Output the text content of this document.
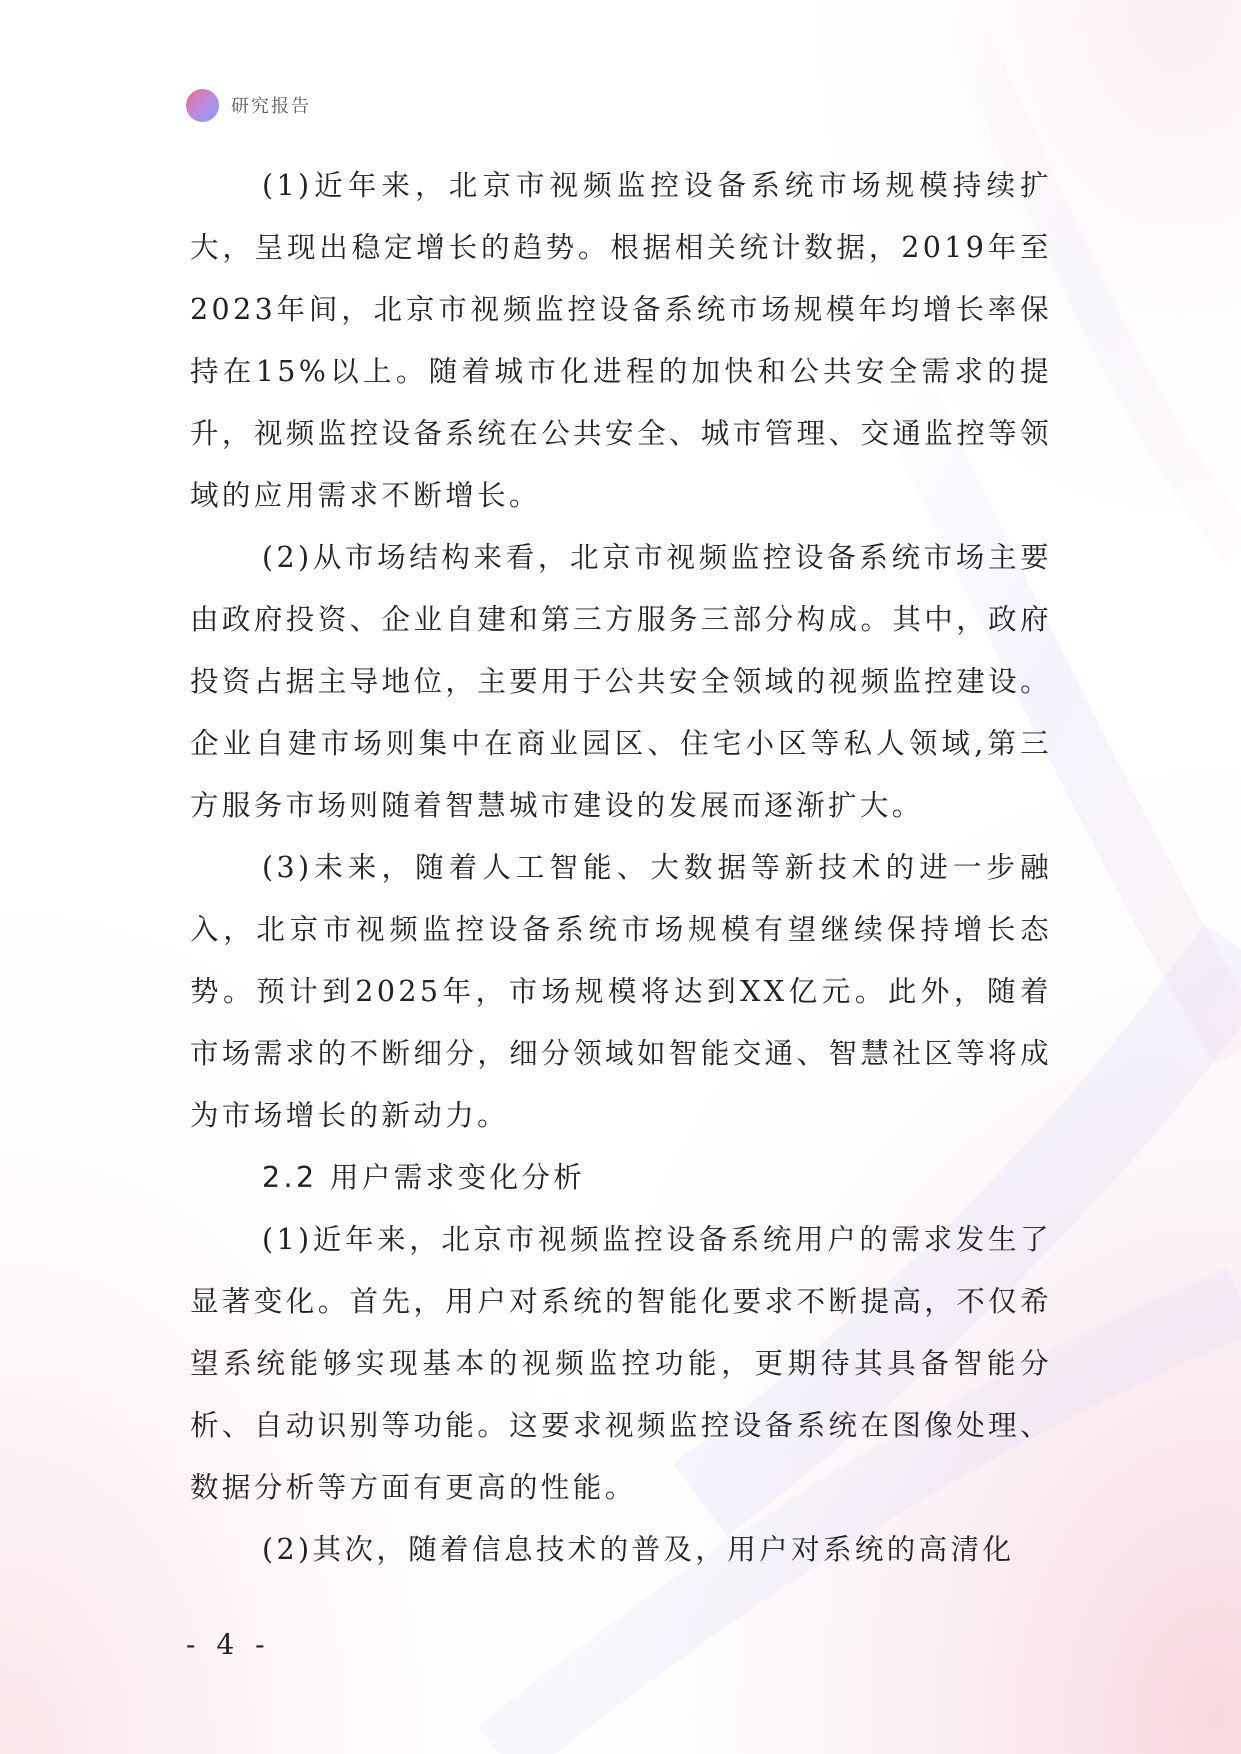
研究报告

(1)近年来，北京市视频监控设备系统市场规模持续扩大，呈现出稳定增长的趋势。根据相关统计数据，2019年至2023年间，北京市视频监控设备系统市场规模年均增长率保持在15%以上。随着城市化进程的加快和公共安全需求的提升，视频监控设备系统在公共安全、城市管理、交通监控等领域的应用需求不断增长。

(2)从市场结构来看，北京市视频监控设备系统市场主要由政府投资、企业自建和第三方服务三部分构成。其中，政府投资占据主导地位，主要用于公共安全领域的视频监控建设。企业自建市场则集中在商业园区、住宅小区等私人领域,第三方服务市场则随着智慧城市建设的发展而逐渐扩大。

(3)未来，随着人工智能、大数据等新技术的进一步融入，北京市视频监控设备系统市场规模有望继续保持增长态势。预计到2025年，市场规模将达到XX亿元。此外，随着市场需求的不断细分，细分领域如智能交通、智慧社区等将成为市场增长的新动力。

2.2 用户需求变化分析

(1)近年来，北京市视频监控设备系统用户的需求发生了显著变化。首先，用户对系统的智能化要求不断提高，不仅希望系统能够实现基本的视频监控功能，更期待其具备智能分析、自动识别等功能。这要求视频监控设备系统在图像处理、数据分析等方面有更高的性能。

(2)其次，随着信息技术的普及，用户对系统的高清化

- 4 -
